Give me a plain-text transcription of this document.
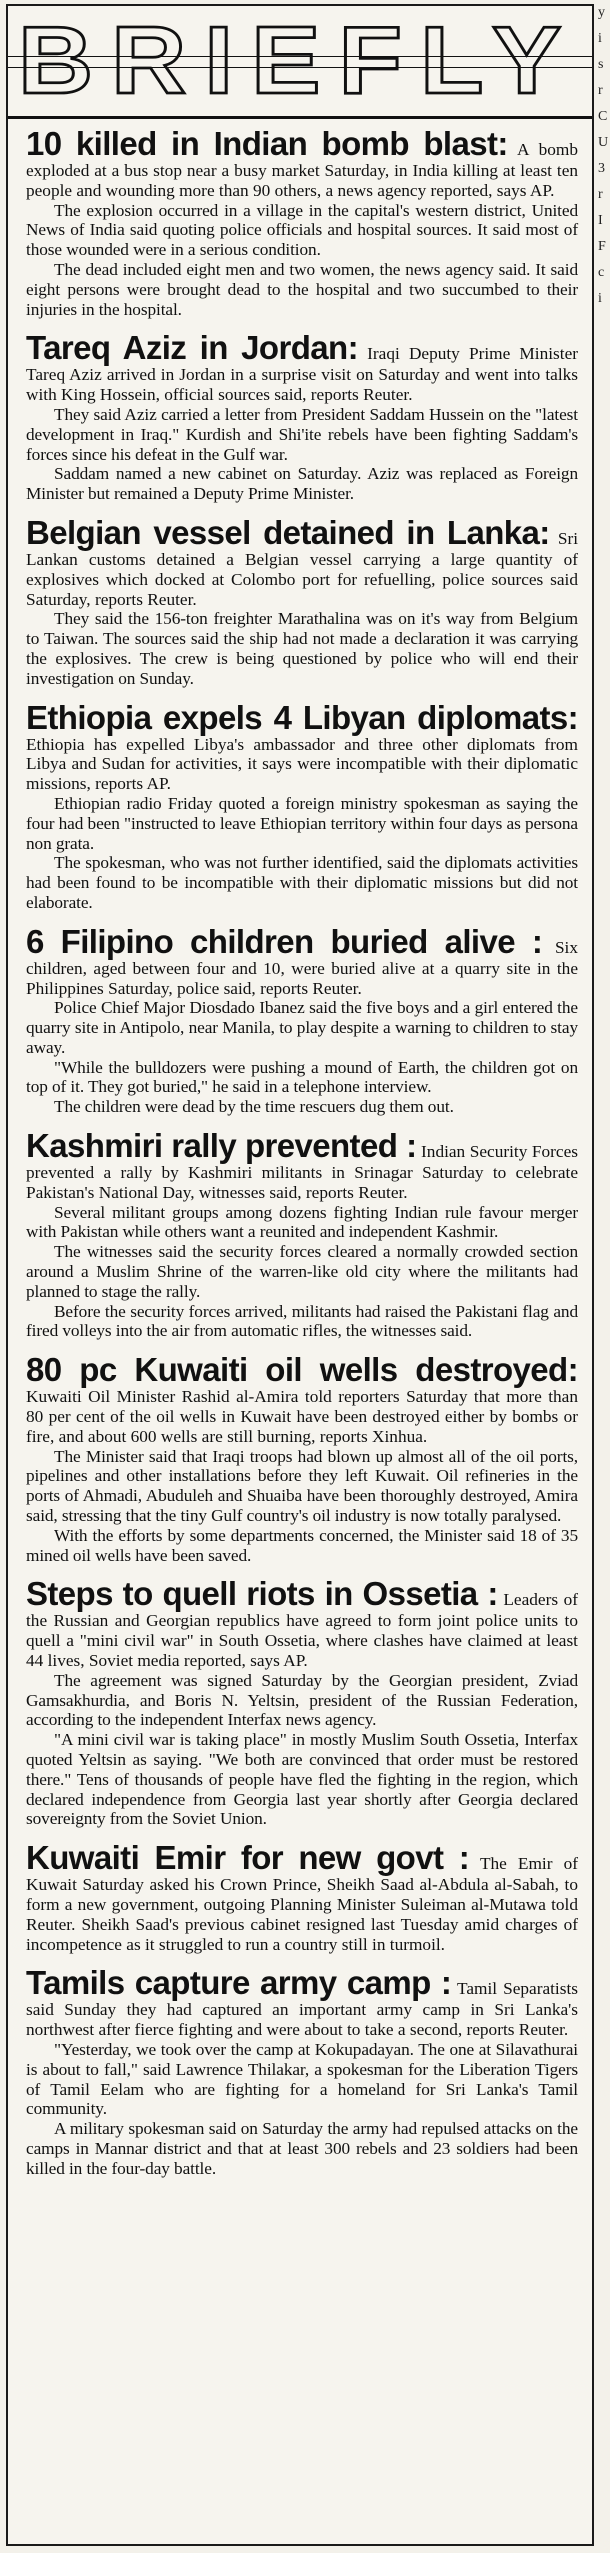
y
i
s
r
C
U
3
r
I
F
c
i
BRIEFLY

10 killed in Indian bomb blast: A bomb exploded at a bus stop near a busy market Saturday, in India killing at least ten people and wounding more than 90 others, a news agency reported, says AP.

The explosion occurred in a village in the capital's western district, United News of India said quoting police officials and hospital sources. It said most of those wounded were in a serious condition.

The dead included eight men and two women, the news agency said. It said eight persons were brought dead to the hospital and two succumbed to their injuries in the hospital.

Tareq Aziz in Jordan: Iraqi Deputy Prime Minister Tareq Aziz arrived in Jordan in a surprise visit on Saturday and went into talks with King Hossein, official sources said, reports Reuter.

They said Aziz carried a letter from President Saddam Hussein on the "latest development in Iraq." Kurdish and Shi'ite rebels have been fighting Saddam's forces since his defeat in the Gulf war.

Saddam named a new cabinet on Saturday. Aziz was replaced as Foreign Minister but remained a Deputy Prime Minister.

Belgian vessel detained in Lanka: Sri Lankan customs detained a Belgian vessel carrying a large quantity of explosives which docked at Colombo port for refuelling, police sources said Saturday, reports Reuter.

They said the 156-ton freighter Marathalina was on it's way from Belgium to Taiwan. The sources said the ship had not made a declaration it was carrying the explosives. The crew is being questioned by police who will end their investigation on Sunday.

Ethiopia expels 4 Libyan diplomats: Ethiopia has expelled Libya's ambassador and three other diplomats from Libya and Sudan for activities, it says were incompatible with their diplomatic missions, reports AP.

Ethiopian radio Friday quoted a foreign ministry spokesman as saying the four had been "instructed to leave Ethiopian territory within four days as persona non grata.

The spokesman, who was not further identified, said the diplomats activities had been found to be incompatible with their diplomatic missions but did not elaborate.

6 Filipino children buried alive : Six children, aged between four and 10, were buried alive at a quarry site in the Philippines Saturday, police said, reports Reuter.

Police Chief Major Diosdado Ibanez said the five boys and a girl entered the quarry site in Antipolo, near Manila, to play despite a warning to children to stay away.

"While the bulldozers were pushing a mound of Earth, the children got on top of it. They got buried," he said in a telephone interview.

The children were dead by the time rescuers dug them out.

Kashmiri rally prevented : Indian Security Forces prevented a rally by Kashmiri militants in Srinagar Saturday to celebrate Pakistan's National Day, witnesses said, reports Reuter.

Several militant groups among dozens fighting Indian rule favour merger with Pakistan while others want a reunited and independent Kashmir.

The witnesses said the security forces cleared a normally crowded section around a Muslim Shrine of the warren-like old city where the militants had planned to stage the rally.

Before the security forces arrived, militants had raised the Pakistani flag and fired volleys into the air from automatic rifles, the witnesses said.

80 pc Kuwaiti oil wells destroyed: Kuwaiti Oil Minister Rashid al-Amira told reporters Saturday that more than 80 per cent of the oil wells in Kuwait have been destroyed either by bombs or fire, and about 600 wells are still burning, reports Xinhua.

The Minister said that Iraqi troops had blown up almost all of the oil ports, pipelines and other installations before they left Kuwait. Oil refineries in the ports of Ahmadi, Abuduleh and Shuaiba have been thoroughly destroyed, Amira said, stressing that the tiny Gulf country's oil industry is now totally paralysed.

With the efforts by some departments concerned, the Minister said 18 of 35 mined oil wells have been saved.

Steps to quell riots in Ossetia : Leaders of the Russian and Georgian republics have agreed to form joint police units to quell a "mini civil war" in South Ossetia, where clashes have claimed at least 44 lives, Soviet media reported, says AP.

The agreement was signed Saturday by the Georgian president, Zviad Gamsakhurdia, and Boris N. Yeltsin, president of the Russian Federation, according to the independent Interfax news agency.

"A mini civil war is taking place" in mostly Muslim South Ossetia, Interfax quoted Yeltsin as saying. "We both are convinced that order must be restored there." Tens of thousands of people have fled the fighting in the region, which declared independence from Georgia last year shortly after Georgia declared sovereignty from the Soviet Union.

Kuwaiti Emir for new govt : The Emir of Kuwait Saturday asked his Crown Prince, Sheikh Saad al-Abdula al-Sabah, to form a new government, outgoing Planning Minister Suleiman al-Mutawa told Reuter. Sheikh Saad's previous cabinet resigned last Tuesday amid charges of incompetence as it struggled to run a country still in turmoil.

Tamils capture army camp : Tamil Separatists said Sunday they had captured an important army camp in Sri Lanka's northwest after fierce fighting and were about to take a second, reports Reuter.

"Yesterday, we took over the camp at Kokupadayan. The one at Silavathurai is about to fall," said Lawrence Thilakar, a spokesman for the Liberation Tigers of Tamil Eelam who are fighting for a homeland for Sri Lanka's Tamil community.

A military spokesman said on Saturday the army had repulsed attacks on the camps in Mannar district and that at least 300 rebels and 23 soldiers had been killed in the four-day battle.
